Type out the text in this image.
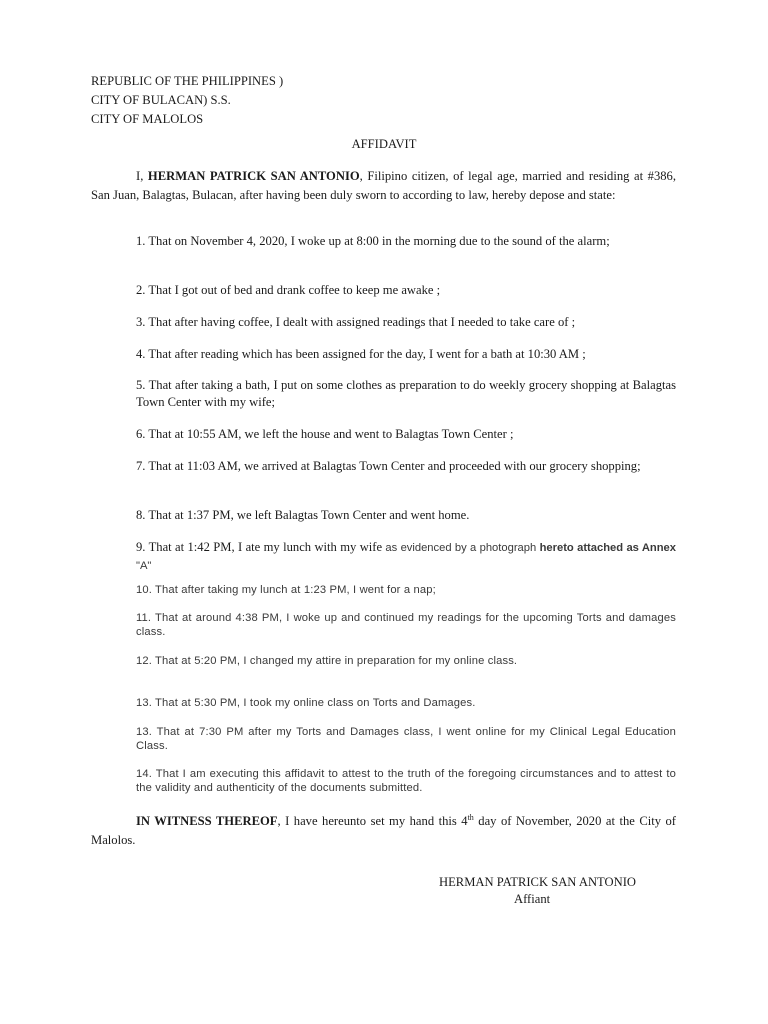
REPUBLIC OF THE PHILIPPINES )
CITY OF BULACAN) S.S.
CITY OF MALOLOS
AFFIDAVIT
I, HERMAN PATRICK SAN ANTONIO, Filipino citizen, of legal age, married and residing at #386, San Juan, Balagtas, Bulacan, after having been duly sworn to according to law, hereby depose and state:
1. That on November 4, 2020, I woke up at 8:00 in the morning due to the sound of the alarm;
2. That I got out of bed and drank coffee to keep me awake ;
3. That after having coffee, I dealt with assigned readings that I needed to take care of ;
4. That after reading which has been assigned for the day, I went for a bath at 10:30 AM ;
5. That after taking a bath, I put on some clothes as preparation to do weekly grocery shopping at Balagtas Town Center with my wife;
6. That at 10:55 AM, we left the house and went to Balagtas Town Center ;
7. That at 11:03 AM, we arrived at Balagtas Town Center and proceeded with our grocery shopping;
8. That at 1:37 PM, we left Balagtas Town Center and went home.
9. That at 1:42 PM, I ate my lunch with my wife as evidenced by a photograph hereto attached as Annex "A"
10. That after taking my lunch at 1:23 PM, I went for a nap;
11. That at around 4:38 PM, I woke up and continued my readings for the upcoming Torts and damages class.
12. That at 5:20 PM, I changed my attire in preparation for my online class.
13. That at 5:30 PM, I took my online class on Torts and Damages.
13. That at 7:30 PM after my Torts and Damages class, I went online for my Clinical Legal Education Class.
14. That I am executing this affidavit to attest to the truth of the foregoing circumstances and to attest to the validity and authenticity of the documents submitted.
IN WITNESS THEREOF, I have hereunto set my hand this 4th day of November, 2020 at the City of Malolos.
HERMAN PATRICK SAN ANTONIO
Affiant
